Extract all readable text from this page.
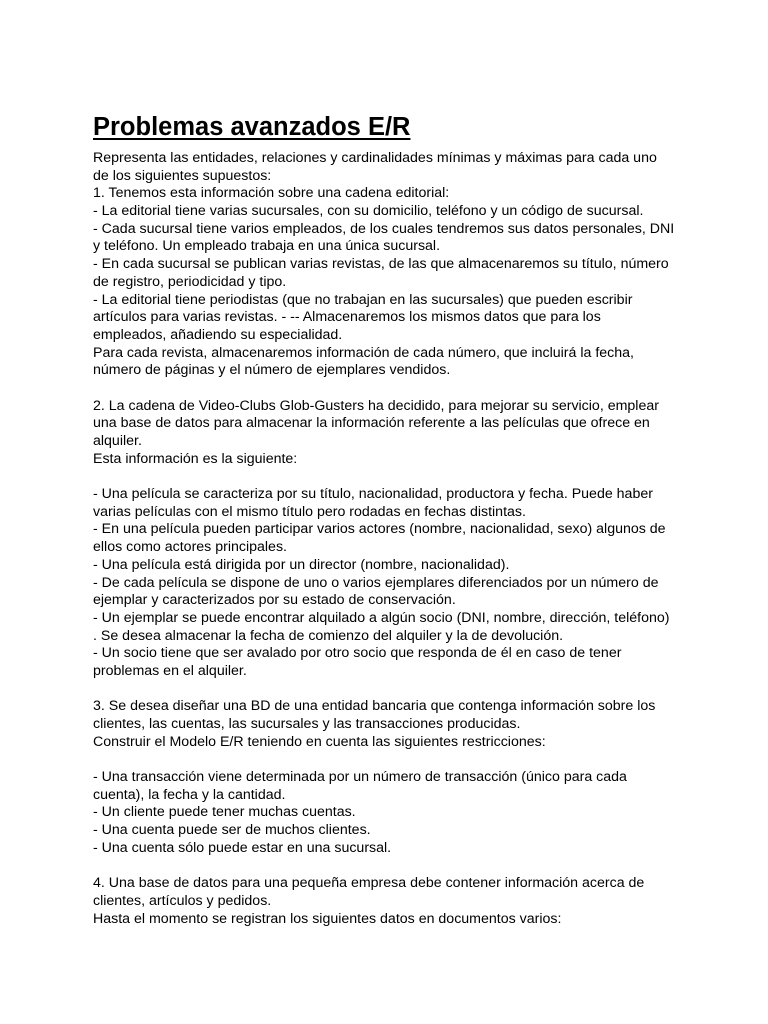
Problemas avanzados E/R
Representa las entidades, relaciones y cardinalidades mínimas y máximas para cada uno
de los siguientes supuestos:
1. Tenemos esta información sobre una cadena editorial:
- La editorial tiene varias sucursales, con su domicilio, teléfono y un código de sucursal.
- Cada sucursal tiene varios empleados, de los cuales tendremos sus datos personales, DNI
y teléfono. Un empleado trabaja en una única sucursal.
- En cada sucursal se publican varias revistas, de las que almacenaremos su título, número
de registro, periodicidad y tipo.
- La editorial tiene periodistas (que no trabajan en las sucursales) que pueden escribir
artículos para varias revistas. - -- Almacenaremos los mismos datos que para los
empleados, añadiendo su especialidad.
Para cada revista, almacenaremos información de cada número, que incluirá la fecha,
número de páginas y el número de ejemplares vendidos.
2. La cadena de Video-Clubs Glob-Gusters ha decidido, para mejorar su servicio, emplear
una base de datos para almacenar la información referente a las películas que ofrece en
alquiler.
Esta información es la siguiente:
- Una película se caracteriza por su título, nacionalidad, productora y fecha. Puede haber
varias películas con el mismo título pero rodadas en fechas distintas.
- En una película pueden participar varios actores (nombre, nacionalidad, sexo) algunos de
ellos como actores principales.
- Una película está dirigida por un director (nombre, nacionalidad).
- De cada película se dispone de uno o varios ejemplares diferenciados por un número de
ejemplar y caracterizados por su estado de conservación.
- Un ejemplar se puede encontrar alquilado a algún socio (DNI, nombre, dirección, teléfono)
. Se desea almacenar la fecha de comienzo del alquiler y la de devolución.
- Un socio tiene que ser avalado por otro socio que responda de él en caso de tener
problemas en el alquiler.
3. Se desea diseñar una BD de una entidad bancaria que contenga información sobre los
clientes, las cuentas, las sucursales y las transacciones producidas.
Construir el Modelo E/R teniendo en cuenta las siguientes restricciones:
- Una transacción viene determinada por un número de transacción (único para cada
cuenta), la fecha y la cantidad.
- Un cliente puede tener muchas cuentas.
- Una cuenta puede ser de muchos clientes.
- Una cuenta sólo puede estar en una sucursal.
4. Una base de datos para una pequeña empresa debe contener información acerca de
clientes, artículos y pedidos.
Hasta el momento se registran los siguientes datos en documentos varios:
